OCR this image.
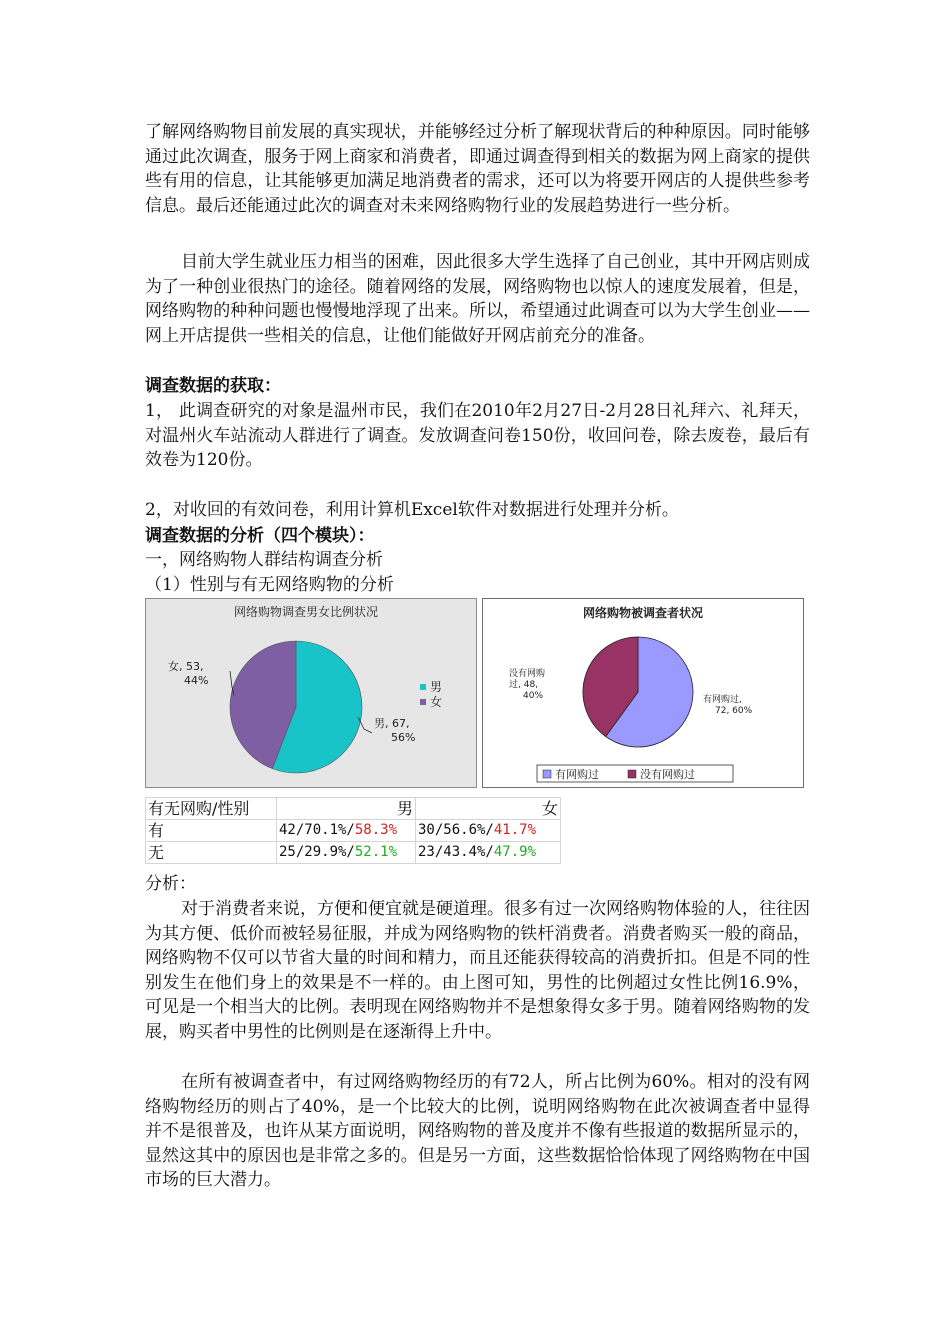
了解网络购物目前发展的真实现状，并能够经过分析了解现状背后的种种原因。同时能够通过此次调查，服务于网上商家和消费者，即通过调查得到相关的数据为网上商家的提供些有用的信息，让其能够更加满足地消费者的需求，还可以为将要开网店的人提供些参考信息。最后还能通过此次的调查对未来网络购物行业的发展趋势进行一些分析。

目前大学生就业压力相当的困难，因此很多大学生选择了自己创业，其中开网店则成为了一种创业很热门的途径。随着网络的发展，网络购物也以惊人的速度发展着，但是，网络购物的种种问题也慢慢地浮现了出来。所以，希望通过此调查可以为大学生创业——网上开店提供一些相关的信息，让他们能做好开网店前充分的准备。

调查数据的获取：

1， 此调查研究的对象是温州市民，我们在2010年2月27日-2月28日礼拜六、礼拜天，对温州火车站流动人群进行了调查。发放调查问卷150份，收回问卷，除去废卷，最后有效卷为120份。

2，对收回的有效问卷，利用计算机Excel软件对数据进行处理并分析。

调查数据的分析（四个模块）：

一，网络购物人群结构调查分析

（1）性别与有无网络购物的分析

网络购物调查男女比例状况
女, 53,
44%
男, 67,
56%
男
女
网络购物被调查者状况
没有网购
过, 48,
40%	有网购过,
72, 60%
有网购过	没有网购过
有无网购/性别	男	女
有	42/70.1%/58.3%	30/56.6%/41.7%
无	25/29.9%/52.1%	23/43.4%/47.9%

分析：

对于消费者来说，方便和便宜就是硬道理。很多有过一次网络购物体验的人，往往因为其方便、低价而被轻易征服，并成为网络购物的铁杆消费者。消费者购买一般的商品，网络购物不仅可以节省大量的时间和精力，而且还能获得较高的消费折扣。但是不同的性别发生在他们身上的效果是不一样的。由上图可知，男性的比例超过女性比例16.9%，可见是一个相当大的比例。表明现在网络购物并不是想象得女多于男。随着网络购物的发展，购买者中男性的比例则是在逐渐得上升中。

在所有被调查者中，有过网络购物经历的有72人，所占比例为60%。相对的没有网络购物经历的则占了40%，是一个比较大的比例，说明网络购物在此次被调查者中显得并不是很普及，也许从某方面说明，网络购物的普及度并不像有些报道的数据所显示的，显然这其中的原因也是非常之多的。但是另一方面，这些数据恰恰体现了网络购物在中国市场的巨大潜力。
